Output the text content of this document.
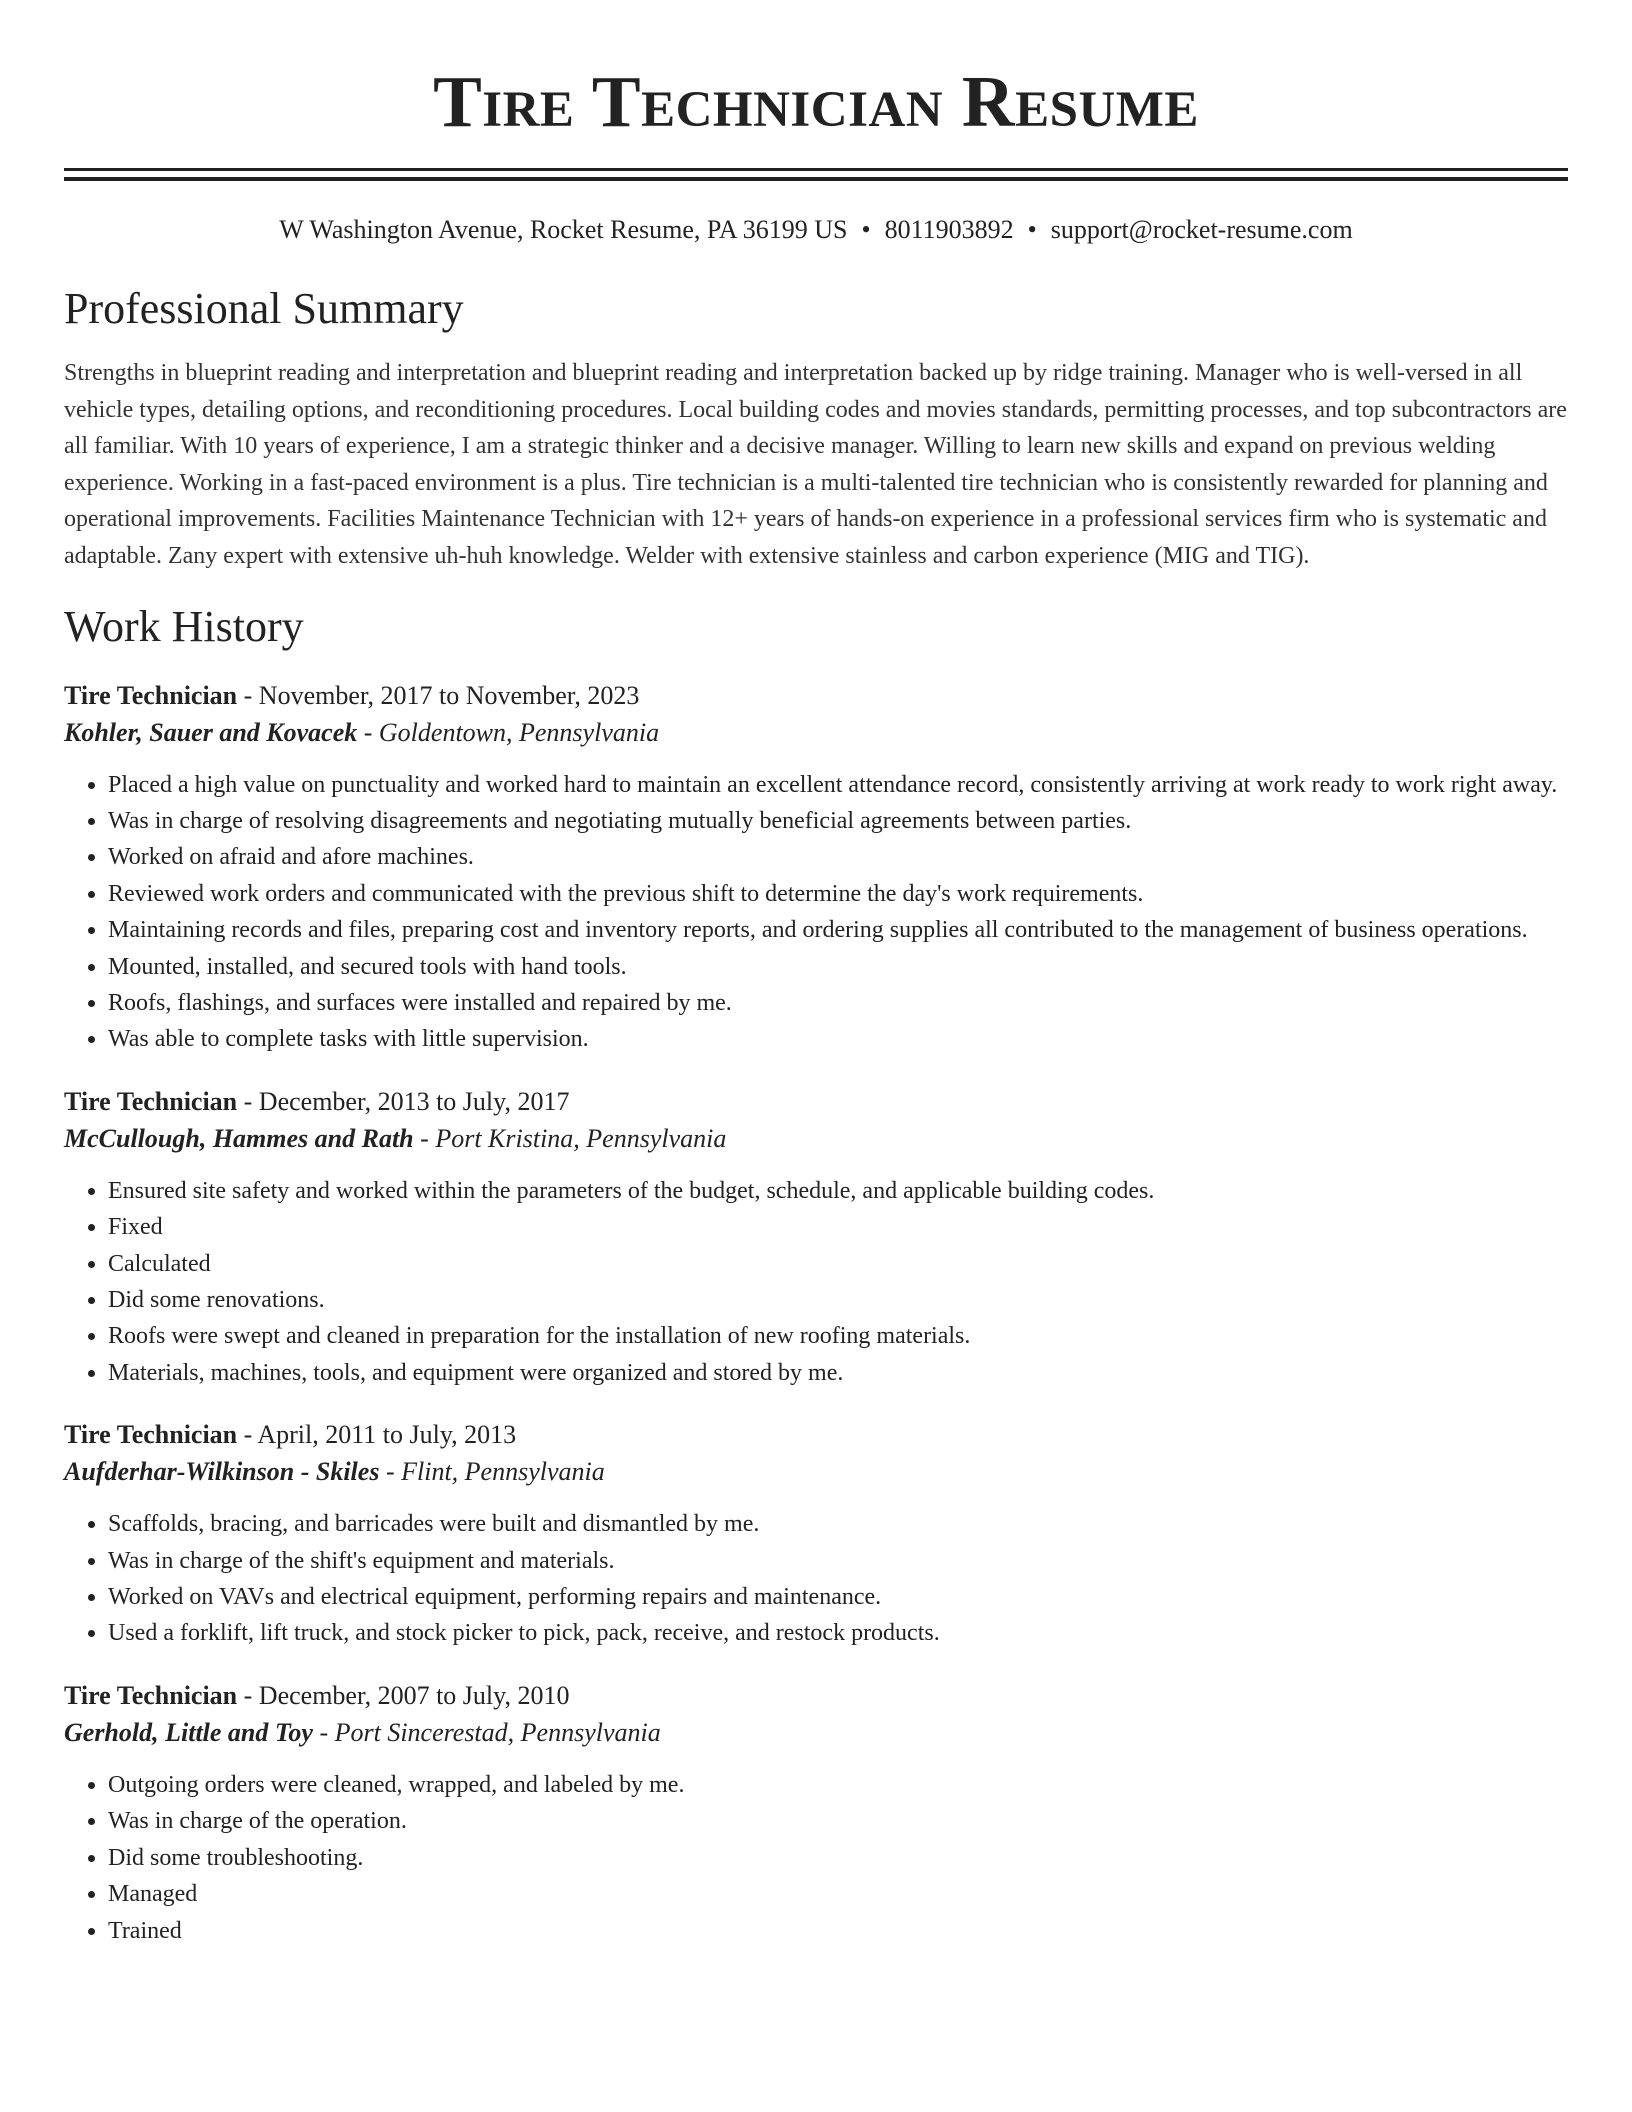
Tire Technician Resume
W Washington Avenue, Rocket Resume, PA 36199 US • 8011903892 • support@rocket-resume.com
Professional Summary

Strengths in blueprint reading and interpretation and blueprint reading and interpretation backed up by ridge training. Manager who is well-versed in all vehicle types, detailing options, and reconditioning procedures. Local building codes and movies standards, permitting processes, and top subcontractors are all familiar. With 10 years of experience, I am a strategic thinker and a decisive manager. Willing to learn new skills and expand on previous welding experience. Working in a fast-paced environment is a plus. Tire technician is a multi-talented tire technician who is consistently rewarded for planning and operational improvements. Facilities Maintenance Technician with 12+ years of hands-on experience in a professional services firm who is systematic and adaptable. Zany expert with extensive uh-huh knowledge. Welder with extensive stainless and carbon experience (MIG and TIG).

Work History
Tire Technician - November, 2017 to November, 2023
Kohler, Sauer and Kovacek - Goldentown, Pennsylvania
• Placed a high value on punctuality and worked hard to maintain an excellent attendance record, consistently arriving at work ready to work right away.
• Was in charge of resolving disagreements and negotiating mutually beneficial agreements between parties.
• Worked on afraid and afore machines.
• Reviewed work orders and communicated with the previous shift to determine the day's work requirements.
• Maintaining records and files, preparing cost and inventory reports, and ordering supplies all contributed to the management of business operations.
• Mounted, installed, and secured tools with hand tools.
• Roofs, flashings, and surfaces were installed and repaired by me.
• Was able to complete tasks with little supervision.
Tire Technician - December, 2013 to July, 2017
McCullough, Hammes and Rath - Port Kristina, Pennsylvania
• Ensured site safety and worked within the parameters of the budget, schedule, and applicable building codes.
• Fixed
• Calculated
• Did some renovations.
• Roofs were swept and cleaned in preparation for the installation of new roofing materials.
• Materials, machines, tools, and equipment were organized and stored by me.
Tire Technician - April, 2011 to July, 2013
Aufderhar-Wilkinson - Skiles - Flint, Pennsylvania
• Scaffolds, bracing, and barricades were built and dismantled by me.
• Was in charge of the shift's equipment and materials.
• Worked on VAVs and electrical equipment, performing repairs and maintenance.
• Used a forklift, lift truck, and stock picker to pick, pack, receive, and restock products.
Tire Technician - December, 2007 to July, 2010
Gerhold, Little and Toy - Port Sincerestad, Pennsylvania
• Outgoing orders were cleaned, wrapped, and labeled by me.
• Was in charge of the operation.
• Did some troubleshooting.
• Managed
• Trained
